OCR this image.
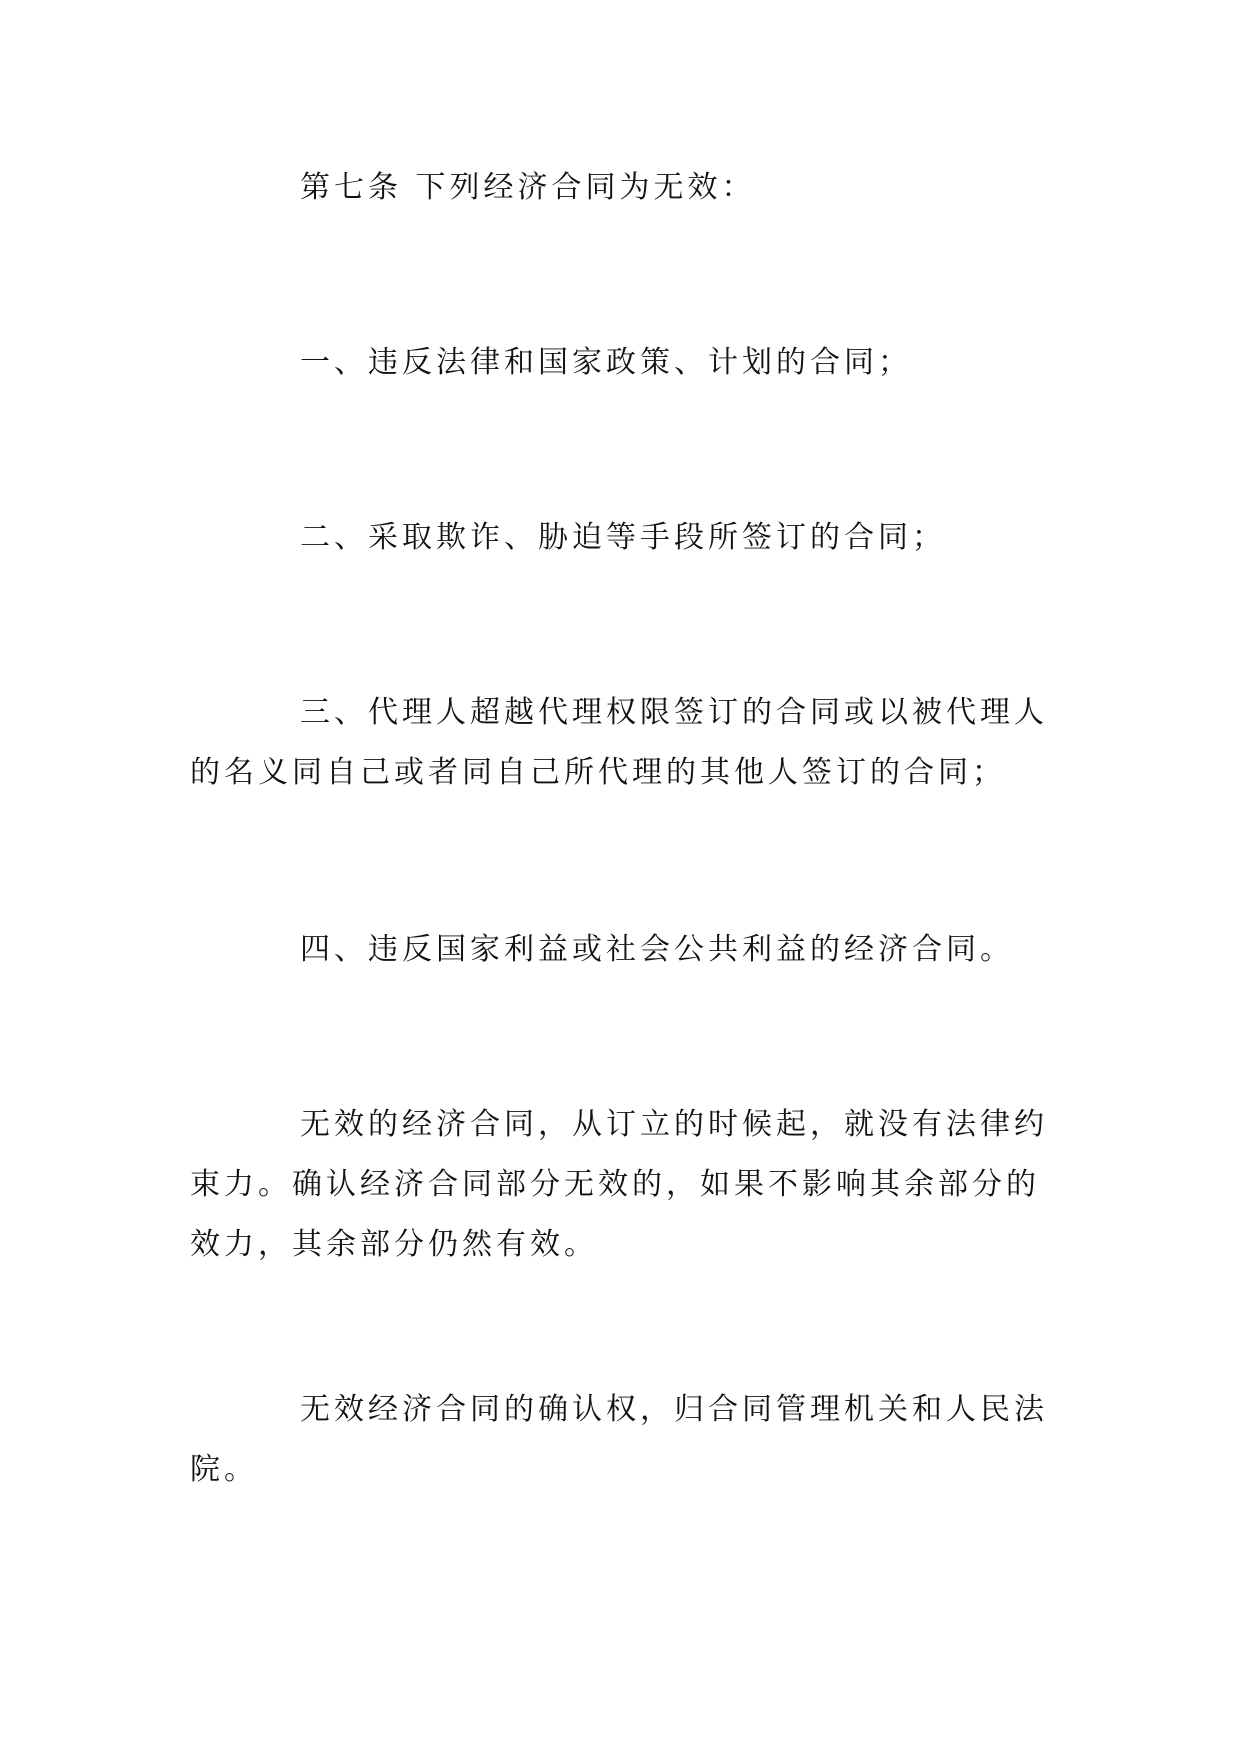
第七条 下列经济合同为无效：

一、违反法律和国家政策、计划的合同；

二、采取欺诈、胁迫等手段所签订的合同；

三、代理人超越代理权限签订的合同或以被代理人的名义同自己或者同自己所代理的其他人签订的合同；

四、违反国家利益或社会公共利益的经济合同。

无效的经济合同，从订立的时候起，就没有法律约束力。确认经济合同部分无效的，如果不影响其余部分的效力，其余部分仍然有效。

无效经济合同的确认权，归合同管理机关和人民法院。
